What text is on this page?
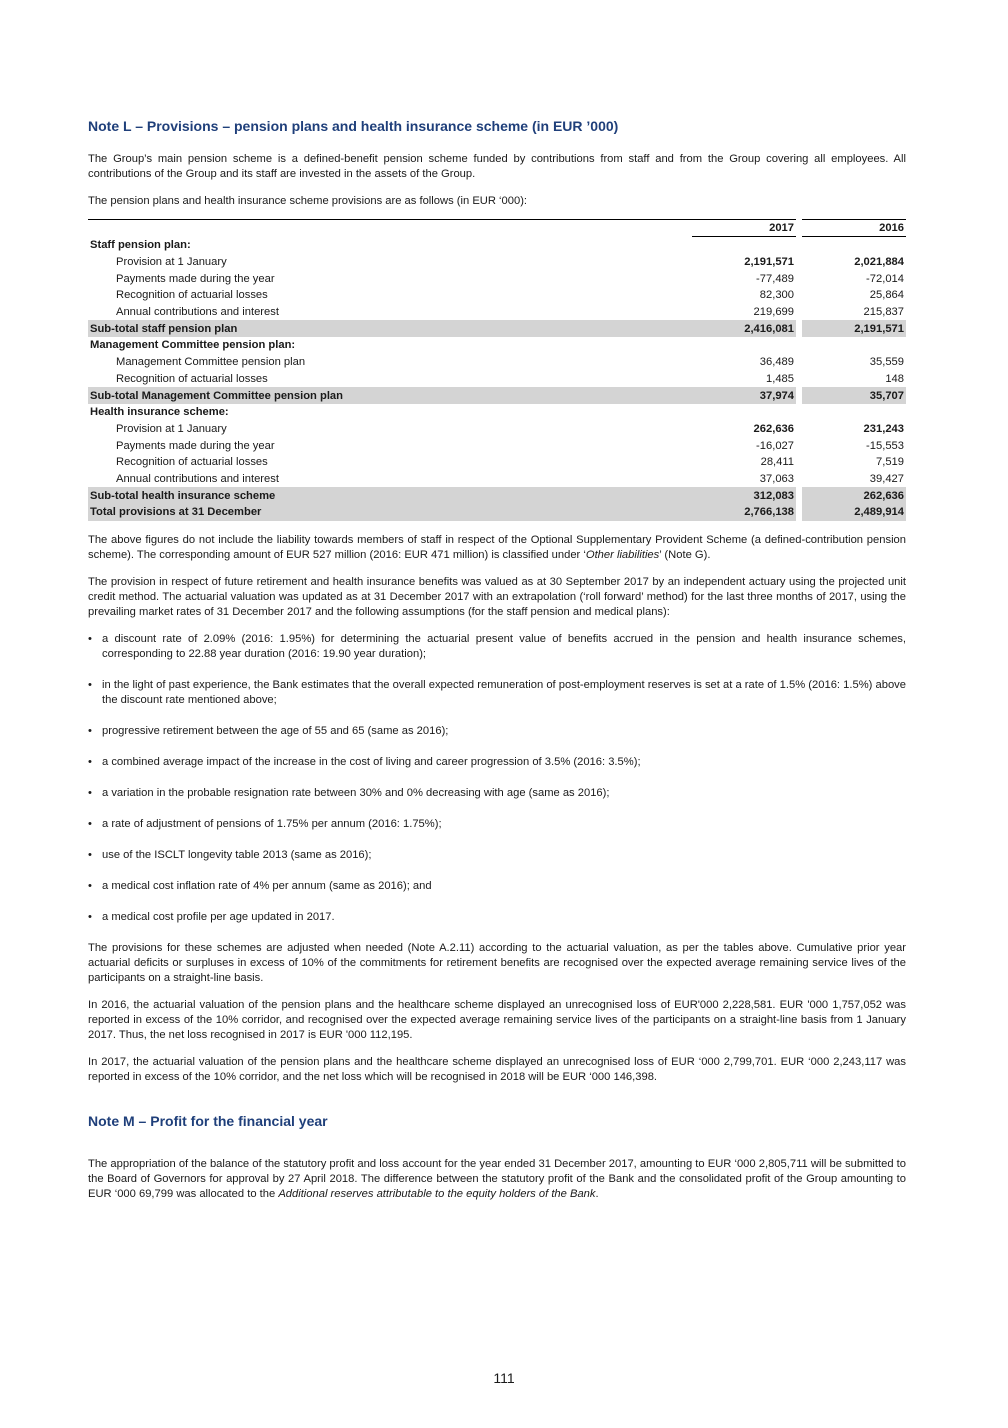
Note L – Provisions – pension plans and health insurance scheme (in EUR ’000)

The Group’s main pension scheme is a defined-benefit pension scheme funded by contributions from staff and from the Group covering all employees. All contributions of the Group and its staff are invested in the assets of the Group.

The pension plans and health insurance scheme provisions are as follows (in EUR ‘000):

	2017		2016
Staff pension plan:			
Provision at 1 January	2,191,571		2,021,884
Payments made during the year	-77,489		-72,014
Recognition of actuarial losses	82,300		25,864
Annual contributions and interest	219,699		215,837
Sub-total staff pension plan	2,416,081		2,191,571
Management Committee pension plan:			
Management Committee pension plan	36,489		35,559
Recognition of actuarial losses	1,485		148
Sub-total Management Committee pension plan	37,974		35,707
Health insurance scheme:			
Provision at 1 January	262,636		231,243
Payments made during the year	-16,027		-15,553
Recognition of actuarial losses	28,411		7,519
Annual contributions and interest	37,063		39,427
Sub-total health insurance scheme	312,083		262,636
Total provisions at 31 December	2,766,138		2,489,914

The above figures do not include the liability towards members of staff in respect of the Optional Supplementary Provident Scheme (a defined-contribution pension scheme). The corresponding amount of EUR 527 million (2016: EUR 471 million) is classified under ‘Other liabilities’ (Note G).

The provision in respect of future retirement and health insurance benefits was valued as at 30 September 2017 by an independent actuary using the projected unit credit method. The actuarial valuation was updated as at 31 December 2017 with an extrapolation (‘roll forward’ method) for the last three months of 2017, using the prevailing market rates of 31 December 2017 and the following assumptions (for the staff pension and medical plans):

• a discount rate of 2.09% (2016: 1.95%) for determining the actuarial present value of benefits accrued in the pension and health insurance schemes, corresponding to 22.88 year duration (2016: 19.90 year duration);
• in the light of past experience, the Bank estimates that the overall expected remuneration of post-employment reserves is set at a rate of 1.5% (2016: 1.5%) above the discount rate mentioned above;
• progressive retirement between the age of 55 and 65 (same as 2016);
• a combined average impact of the increase in the cost of living and career progression of 3.5% (2016: 3.5%);
• a variation in the probable resignation rate between 30% and 0% decreasing with age (same as 2016);
• a rate of adjustment of pensions of 1.75% per annum (2016: 1.75%);
• use of the ISCLT longevity table 2013 (same as 2016);
• a medical cost inflation rate of 4% per annum (same as 2016); and
• a medical cost profile per age updated in 2017.

The provisions for these schemes are adjusted when needed (Note A.2.11) according to the actuarial valuation, as per the tables above. Cumulative prior year actuarial deficits or surpluses in excess of 10% of the commitments for retirement benefits are recognised over the expected average remaining service lives of the participants on a straight-line basis.

In 2016, the actuarial valuation of the pension plans and the healthcare scheme displayed an unrecognised loss of EUR'000 2,228,581. EUR '000 1,757,052 was reported in excess of the 10% corridor, and recognised over the expected average remaining service lives of the participants on a straight-line basis from 1 January 2017. Thus, the net loss recognised in 2017 is EUR '000 112,195.

In 2017, the actuarial valuation of the pension plans and the healthcare scheme displayed an unrecognised loss of EUR ‘000 2,799,701. EUR ‘000 2,243,117 was reported in excess of the 10% corridor, and the net loss which will be recognised in 2018 will be EUR ‘000 146,398.

Note M – Profit for the financial year

The appropriation of the balance of the statutory profit and loss account for the year ended 31 December 2017, amounting to EUR ‘000 2,805,711 will be submitted to the Board of Governors for approval by 27 April 2018. The difference between the statutory profit of the Bank and the consolidated profit of the Group amounting to EUR ‘000 69,799 was allocated to the Additional reserves attributable to the equity holders of the Bank.

111
